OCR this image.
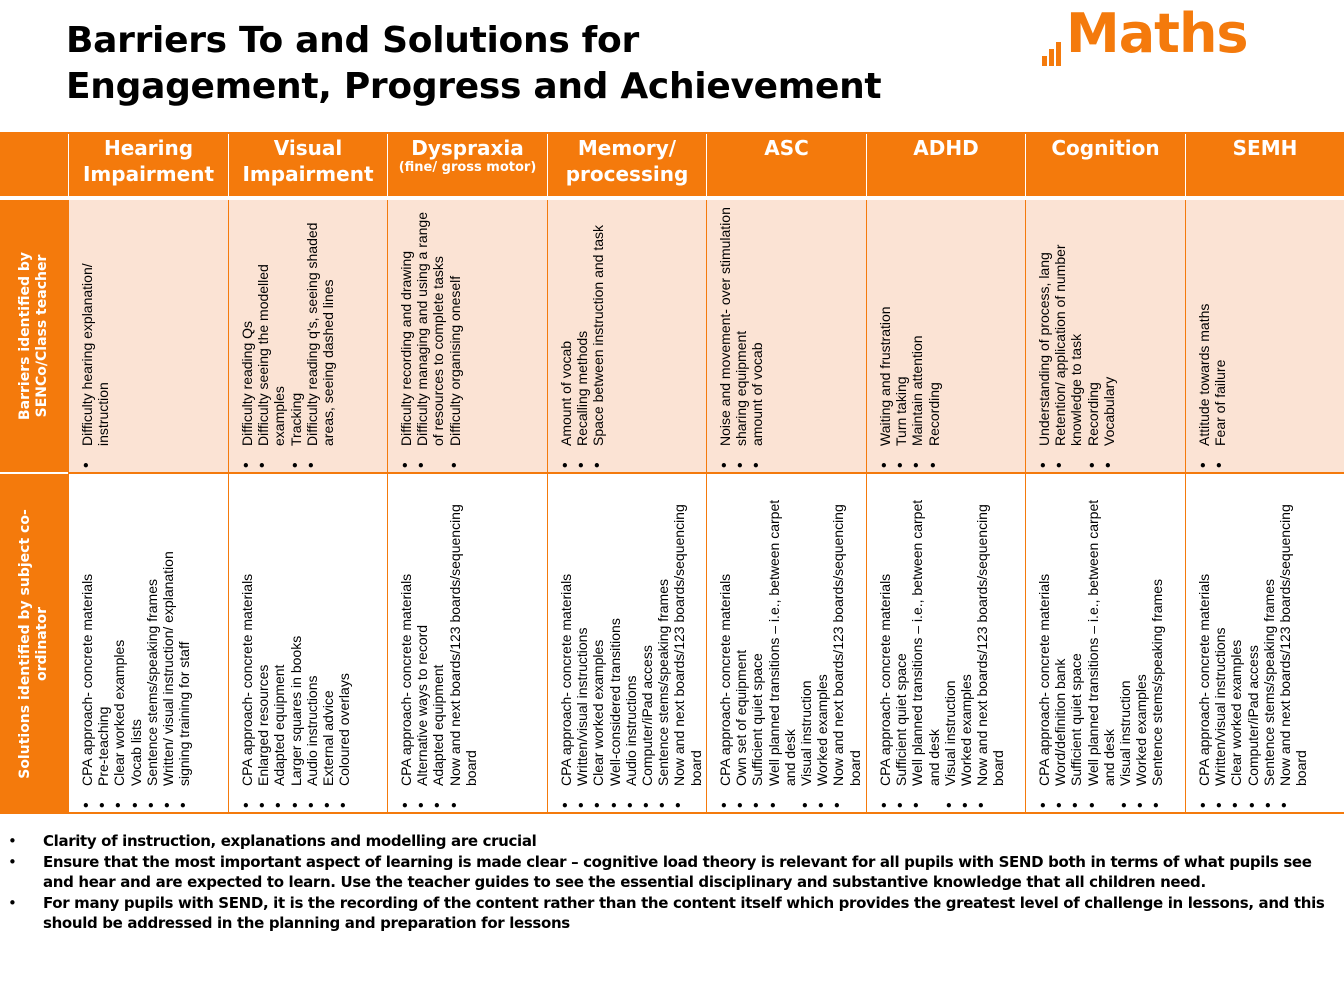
Barriers To and Solutions for
Engagement, Progress and Achievement
Maths
Barriers identified by SENCo/Class teacher
Solutions identified by subject co- ordinator
Hearing
Impairment
• Difficulty hearing explanation/ instruction
• CPA approach- concrete materials • Pre-teaching • Clear worked examples • Vocab lists • Sentence stems/speaking frames • Written/ visual instruction/ explanation • signing training for staff
Visual
Impairment
• Difficulty reading Qs • Difficulty seeing the modelled examples • Tracking • Difficulty reading q's, seeing shaded areas, seeing dashed lines
• CPA approach- concrete materials • Enlarged resources • Adapted equipment • Larger squares in books • Audio instructions • External advice • Coloured overlays
Dyspraxia
(fine/ gross motor)
• Difficulty recording and drawing • Difficulty managing and using a range of resources to complete tasks • Difficulty organising oneself
• CPA approach- concrete materials • Alternative ways to record • Adapted equipment • Now and next boards/123 boards/sequencing board
Memory/
processing
• Amount of vocab • Recalling methods • Space between instruction and task
• CPA approach- concrete materials • Written/visual instructions • Clear worked examples • Well-considered transitions • Audio instructions • Computer/iPad access • Sentence stems/speaking frames • Now and next boards/123 boards/sequencing board
ASC
• Noise and movement- over stimulation • sharing equipment • amount of vocab
• CPA approach- concrete materials • Own set of equipment • Sufficient quiet space • Well planned transitions – i.e., between carpet and desk • Visual instruction • Worked examples • Now and next boards/123 boards/sequencing board
ADHD
• Waiting and frustration • Turn taking • Maintain attention • Recording
• CPA approach- concrete materials • Sufficient quiet space • Well planned transitions – i.e., between carpet and desk • Visual instruction • Worked examples • Now and next boards/123 boards/sequencing board
Cognition
• Understanding of process, lang • Retention/ application of number knowledge to task • Recording • Vocabulary
• CPA approach- concrete materials • Word/definition bank • Sufficient quiet space • Well planned transitions – i.e., between carpet and desk • Visual instruction • Worked examples • Sentence stems/speaking frames
SEMH
• Attitude towards maths • Fear of failure
• CPA approach- concrete materials • Written/visual instructions • Clear worked examples • Computer/iPad access • Sentence stems/speaking frames • Now and next boards/123 boards/sequencing board
• Clarity of instruction, explanations and modelling are crucial
• Ensure that the most important aspect of learning is made clear – cognitive load theory is relevant for all pupils with SEND both in terms of what pupils see and hear and are expected to learn. Use the teacher guides to see the essential disciplinary and substantive knowledge that all children need.
• For many pupils with SEND, it is the recording of the content rather than the content itself which provides the greatest level of challenge in lessons, and this should be addressed in the planning and preparation for lessons
